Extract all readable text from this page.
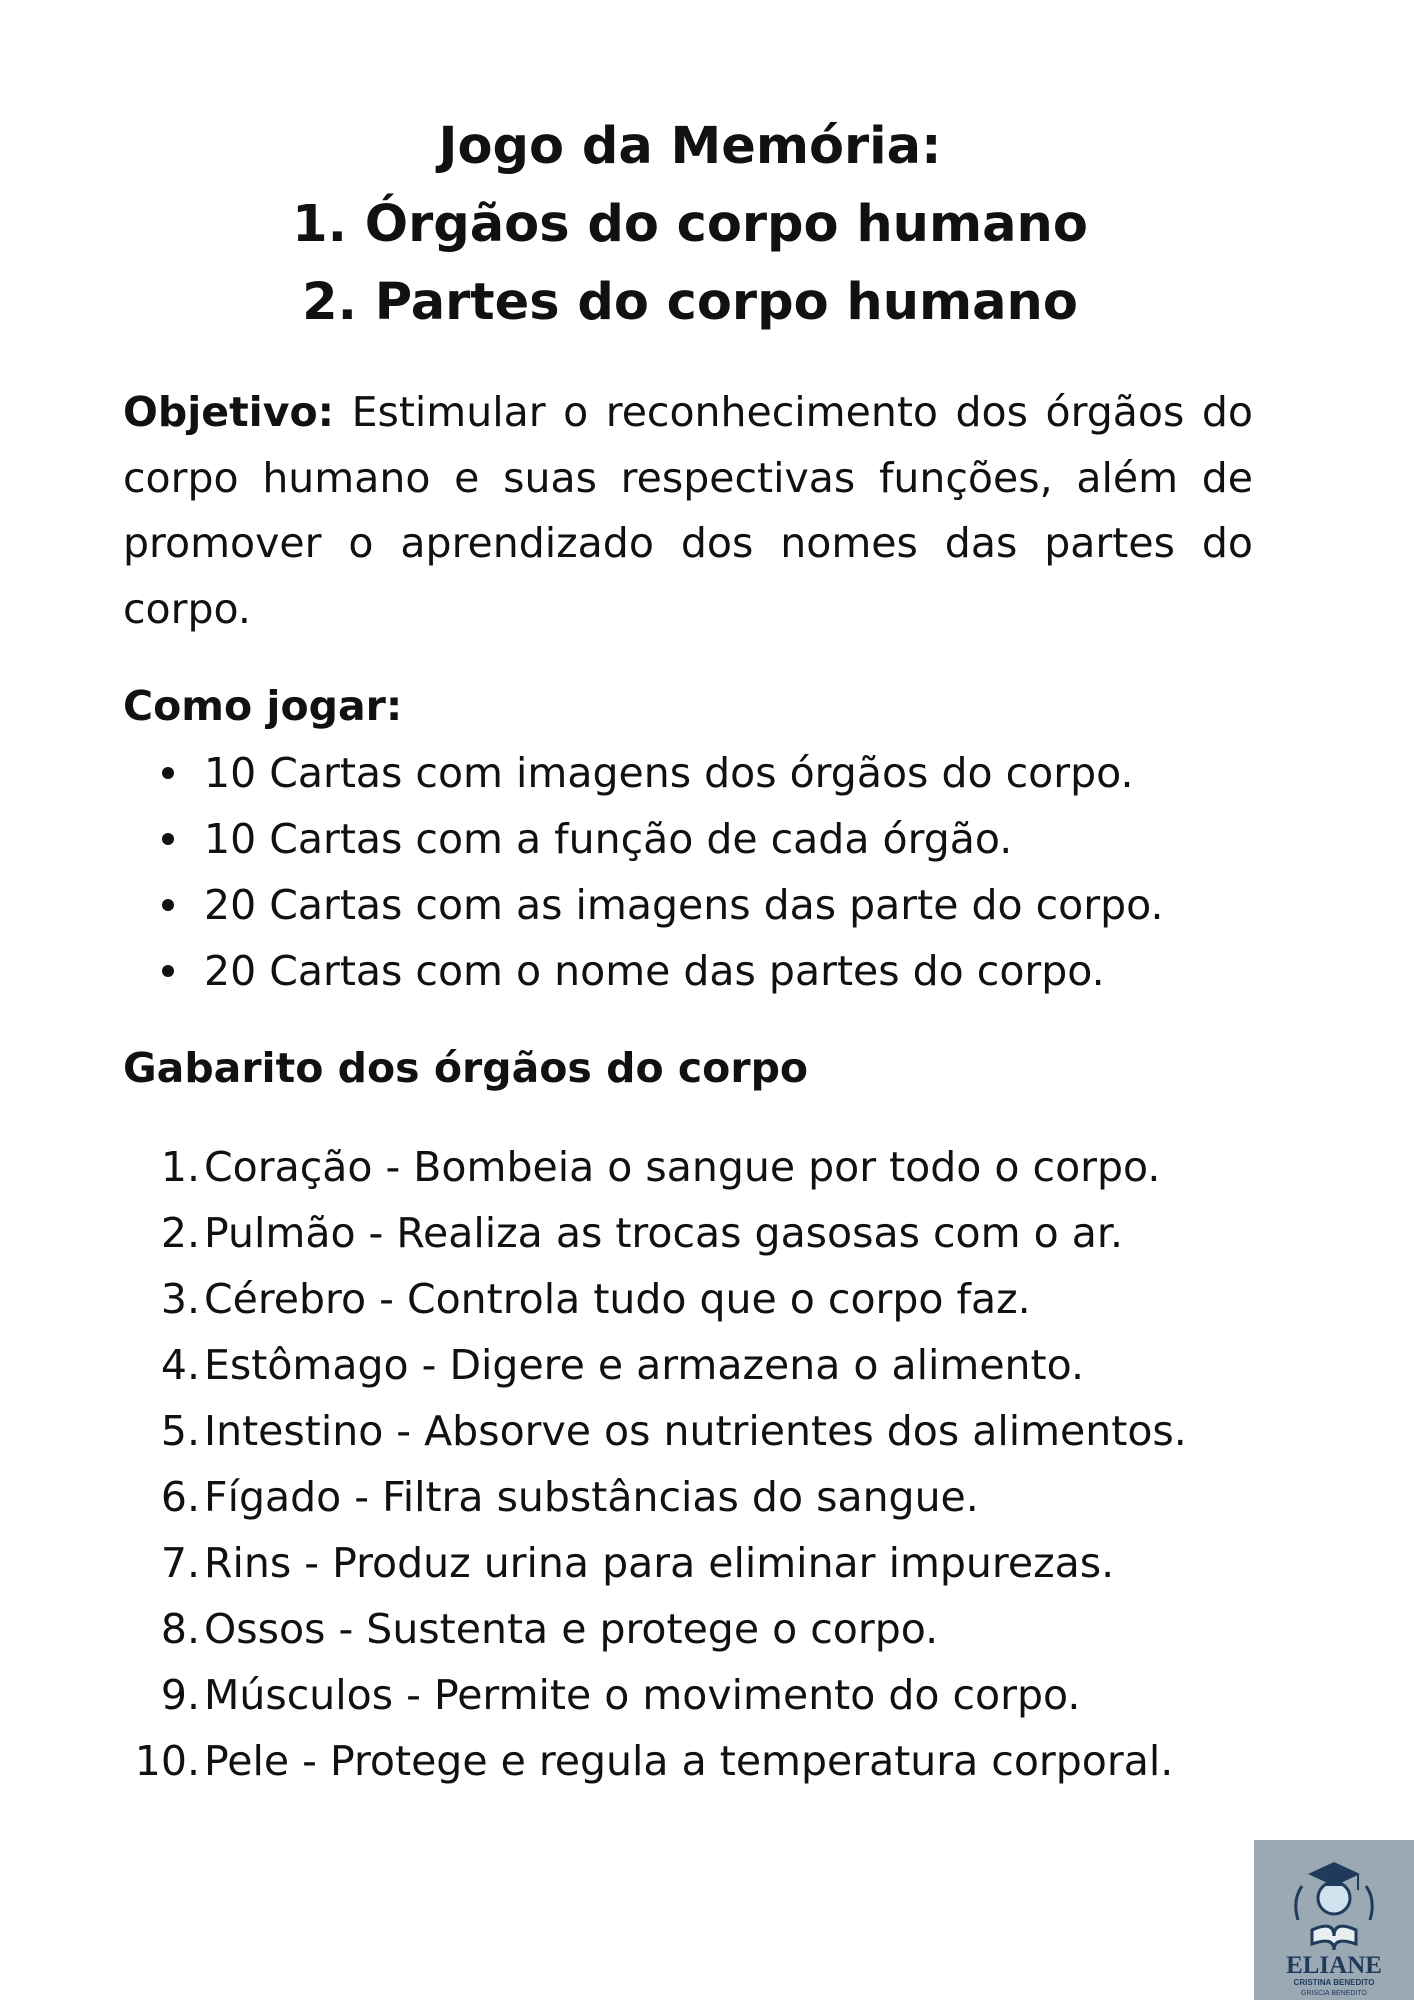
Jogo da Memória:
1. Órgãos do corpo humano
2. Partes do corpo humano

Objetivo: Estimular o reconhecimento dos órgãos do corpo humano e suas respectivas funções, além de promover o aprendizado dos nomes das partes do corpo.

Como jogar:
10 Cartas com imagens dos órgãos do corpo.
10 Cartas com a função de cada órgão.
20 Cartas com as imagens das parte do corpo.
20 Cartas com o nome das partes do corpo.
Gabarito dos órgãos do corpo
1. Coração - Bombeia o sangue por todo o corpo.
2. Pulmão - Realiza as trocas gasosas com o ar.
3. Cérebro - Controla tudo que o corpo faz.
4. Estômago - Digere e armazena o alimento.
5. Intestino - Absorve os nutrientes dos alimentos.
6. Fígado - Filtra substâncias do sangue.
7. Rins - Produz urina para eliminar impurezas.
8. Ossos - Sustenta e protege o corpo.
9. Músculos - Permite o movimento do corpo.
10. Pele - Protege e regula a temperatura corporal.
ELIANE
CRISTINA BENEDITO
GRISCIA BENEDITO
